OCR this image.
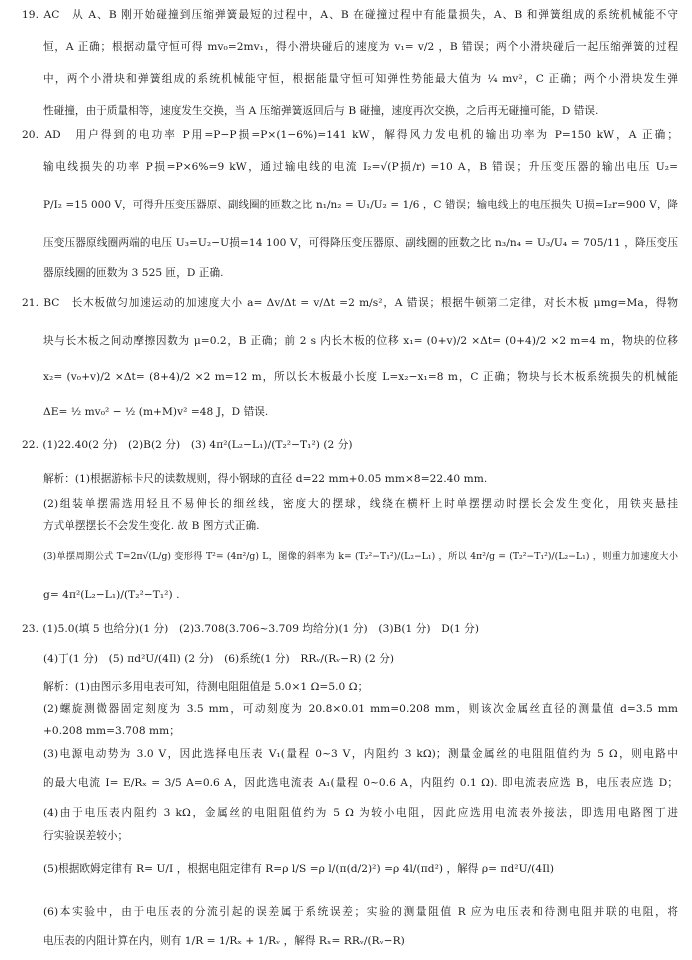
19. AC　从 A、B 刚开始碰撞到压缩弹簧最短的过程中，A、B 在碰撞过程中有能量损失，A、B 和弹簧组成的系统机械能不守
恒，A 正确；根据动量守恒可得 mv₀=2mv₁，得小滑块碰后的速度为 v₁= v/2 ，B 错误；两个小滑块碰后一起压缩弹簧的过程
中，两个小滑块和弹簧组成的系统机械能守恒，根据能量守恒可知弹性势能最大值为 ¼ mv²，C 正确；两个小滑块发生弹
性碰撞，由于质量相等，速度发生交换，当 A 压缩弹簧返回后与 B 碰撞，速度再次交换，之后再无碰撞可能，D 错误.
20. AD　用户得到的电功率 P用=P−P损=P×(1−6%)=141 kW，解得风力发电机的输出功率为 P=150 kW，A 正确；
输电线损失的功率 P损=P×6%=9 kW，通过输电线的电流 I₂=√(P损/r) =10 A，B 错误；升压变压器的输出电压 U₂=
P/I₂ =15 000 V，可得升压变压器原、副线圈的匝数之比 n₁/n₂ = U₁/U₂ = 1/6 ，C 错误；输电线上的电压损失 U损=I₂r=900 V，降
压变压器原线圈两端的电压 U₃=U₂−U损=14 100 V，可得降压变压器原、副线圈的匝数之比 n₃/n₄ = U₃/U₄ = 705/11 ，降压变压
器原线圈的匝数为 3 525 匝，D 正确.
21. BC　长木板做匀加速运动的加速度大小 a= Δv/Δt = v/Δt =2 m/s²，A 错误；根据牛顿第二定律，对长木板 μmg=Ma，得物
块与长木板之间动摩擦因数为 μ=0.2，B 正确；前 2 s 内长木板的位移 x₁= (0+v)/2 ×Δt= (0+4)/2 ×2 m=4 m，物块的位移
x₂= (v₀+v)/2 ×Δt= (8+4)/2 ×2 m=12 m，所以长木板最小长度 L=x₂−x₁=8 m，C 正确；物块与长木板系统损失的机械能
ΔE= ½ mv₀² − ½ (m+M)v² =48 J，D 错误.
22. (1)22.40(2 分)　(2)B(2 分)　(3) 4π²(L₂−L₁)/(T₂²−T₁²) (2 分)
解析：(1)根据游标卡尺的读数规则，得小钢球的直径 d=22 mm+0.05 mm×8=22.40 mm.
(2)组装单摆需选用轻且不易伸长的细丝线，密度大的摆球，线绕在横杆上时单摆摆动时摆长会发生变化，用铁夹悬挂
方式单摆摆长不会发生变化. 故 B 图方式正确.
(3)单摆周期公式 T=2π√(L/g) 变形得 T²= (4π²/g) L，图像的斜率为 k= (T₂²−T₁²)/(L₂−L₁) ，所以 4π²/g = (T₂²−T₁²)/(L₂−L₁) ，则重力加速度大小
g= 4π²(L₂−L₁)/(T₂²−T₁²) .
23. (1)5.0(填 5 也给分)(1 分)　(2)3.708(3.706~3.709 均给分)(1 分)　(3)B(1 分)　D(1 分)
(4)丁(1 分)　(5) πd²U/(4Il) (2 分)　(6)系统(1 分)　RRᵥ/(Rᵥ−R) (2 分)
解析：(1)由图示多用电表可知，待测电阻阻值是 5.0×1 Ω=5.0 Ω；
(2)螺旋测微器固定刻度为 3.5 mm，可动刻度为 20.8×0.01 mm=0.208 mm，则该次金属丝直径的测量值 d=3.5 mm
+0.208 mm=3.708 mm；
(3)电源电动势为 3.0 V，因此选择电压表 V₁(量程 0~3 V，内阻约 3 kΩ)；测量金属丝的电阻阻值约为 5 Ω，则电路中
的最大电流 I= E/Rₓ = 3/5 A=0.6 A，因此选电流表 A₁(量程 0~0.6 A，内阻约 0.1 Ω). 即电流表应选 B，电压表应选 D；
(4)由于电压表内阻约 3 kΩ，金属丝的电阻阻值约为 5 Ω 为较小电阻，因此应选用电流表外接法，即选用电路图丁进
行实验误差较小；
(5)根据欧姆定律有 R= U/I ，根据电阻定律有 R=ρ l/S =ρ l/(π(d/2)²) =ρ 4l/(πd²) ，解得 ρ= πd²U/(4Il)
(6)本实验中，由于电压表的分流引起的误差属于系统误差；实验的测量阻值 R 应为电压表和待测电阻并联的电阻，将
电压表的内阻计算在内，则有 1/R = 1/Rₓ + 1/Rᵥ ，解得 Rₓ= RRᵥ/(Rᵥ−R)
